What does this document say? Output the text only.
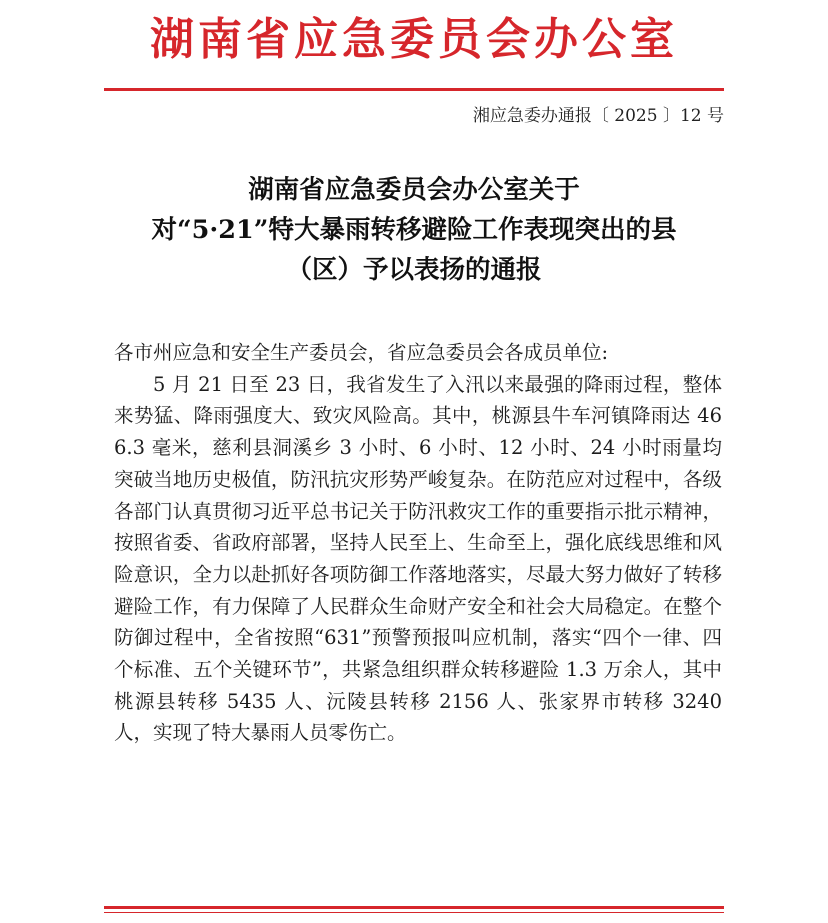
湖南省应急委员会办公室
湘应急委办通报〔 2025 〕12 号
湖南省应急委员会办公室关于
对“5·21”特大暴雨转移避险工作表现突出的县
（区）予以表扬的通报
各市州应急和安全生产委员会，省应急委员会各成员单位:
5 月 21 日至 23 日，我省发生了入汛以来最强的降雨过程，整体来势猛、降雨强度大、致灾风险高。其中，桃源县牛车河镇降雨达 466.3 毫米，慈利县洞溪乡 3 小时、6 小时、12 小时、24 小时雨量均突破当地历史极值，防汛抗灾形势严峻复杂。在防范应对过程中，各级各部门认真贯彻习近平总书记关于防汛救灾工作的重要指示批示精神，按照省委、省政府部署，坚持人民至上、生命至上，强化底线思维和风险意识，全力以赴抓好各项防御工作落地落实，尽最大努力做好了转移避险工作，有力保障了人民群众生命财产安全和社会大局稳定。在整个防御过程中，全省按照“631”预警预报叫应机制，落实“四个一律、四个标准、五个关键环节”，共紧急组织群众转移避险 1.3 万余人，其中桃源县转移 5435 人、沅陵县转移 2156 人、张家界市转移 3240 人，实现了特大暴雨人员零伤亡。
